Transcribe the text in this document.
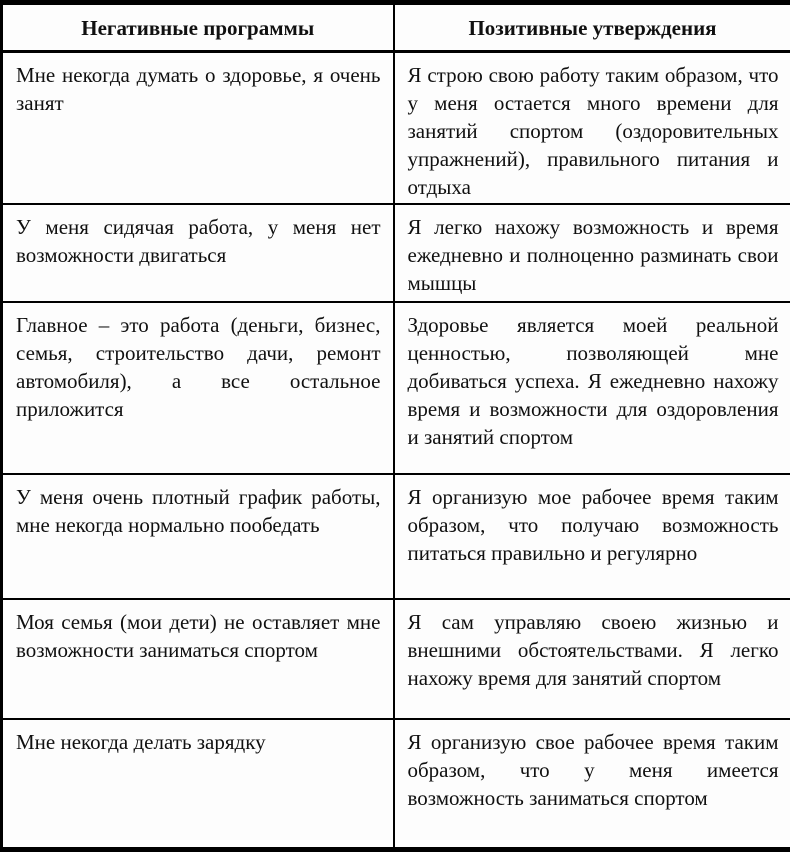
Негативные программы	Позитивные утверждения
Мне некогда думать о здоровье, я очень занят	Я строю свою работу таким образом, что у меня остается много времени для занятий спортом (оздоровительных упражнений), правильного питания и отдыха
У меня сидячая работа, у меня нет возможности двигаться	Я легко нахожу возможность и время ежедневно и полноценно разминать свои мышцы
Главное – это работа (деньги, бизнес, семья, строительство дачи, ремонт автомобиля), а все остальное приложится	Здоровье является моей реальной ценностью, позволяющей мне добиваться успеха. Я ежедневно нахожу время и возможности для оздоровления и занятий спортом
У меня очень плотный график работы, мне некогда нормально пообедать	Я организую мое рабочее время таким образом, что получаю возможность питаться правильно и регулярно
Моя семья (мои дети) не оставляет мне возможности заниматься спортом	Я сам управляю своею жизнью и внешними обстоятельствами. Я легко нахожу время для занятий спортом
Мне некогда делать зарядку	Я организую свое рабочее время таким образом, что у меня имеется возможность заниматься спортом
